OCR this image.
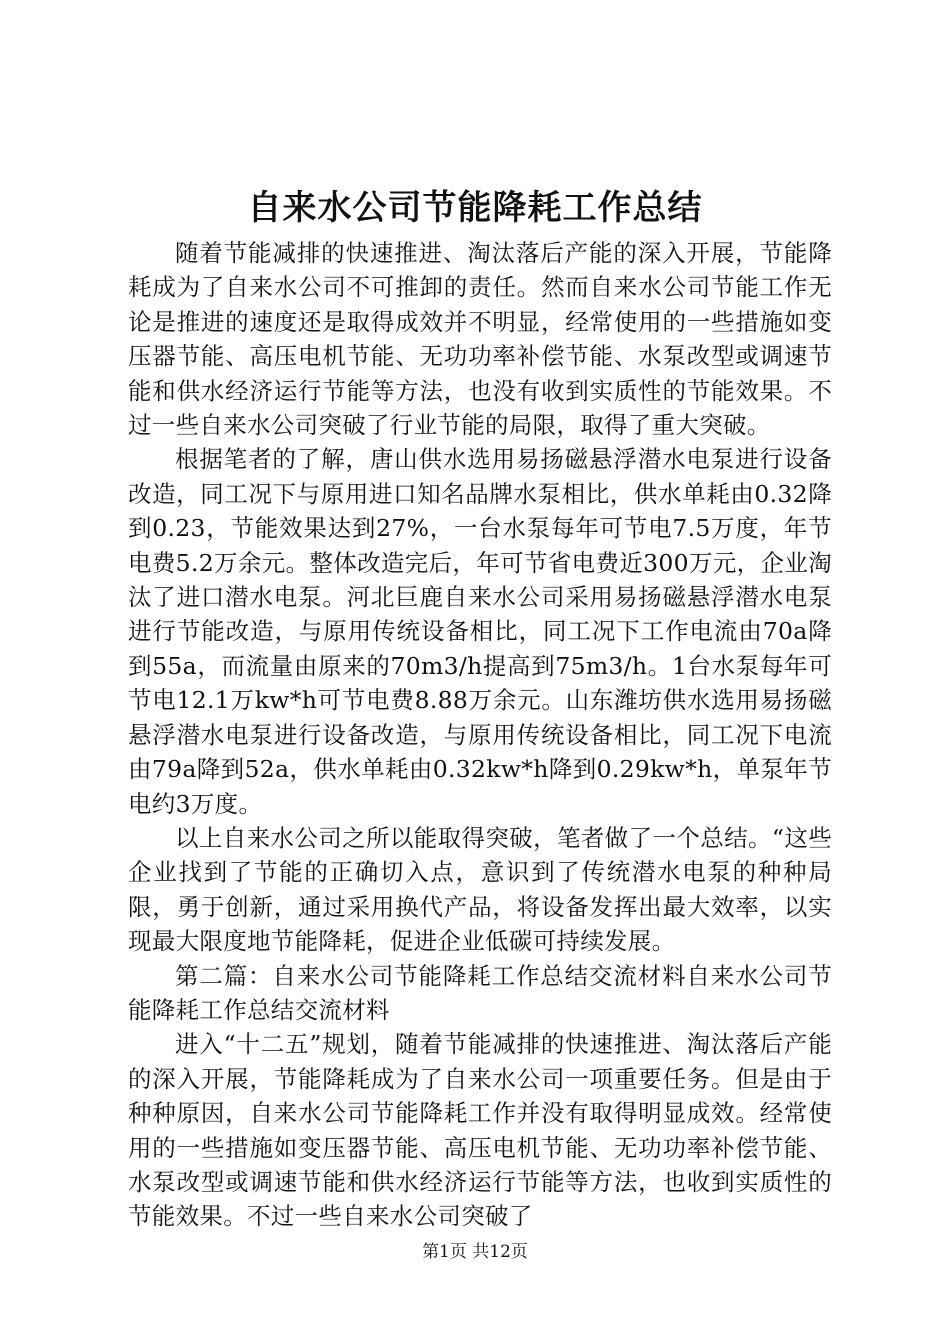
自来水公司节能降耗工作总结

随着节能减排的快速推进、淘汰落后产能的深入开展，节能降耗成为了自来水公司不可推卸的责任。然而自来水公司节能工作无论是推进的速度还是取得成效并不明显，经常使用的一些措施如变压器节能、高压电机节能、无功功率补偿节能、水泵改型或调速节能和供水经济运行节能等方法，也没有收到实质性的节能效果。不过一些自来水公司突破了行业节能的局限，取得了重大突破。

根据笔者的了解，唐山供水选用易扬磁悬浮潜水电泵进行设备改造，同工况下与原用进口知名品牌水泵相比，供水单耗由0.32降到0.23，节能效果达到27%，一台水泵每年可节电7.5万度，年节电费5.2万余元。整体改造完后，年可节省电费近300万元，企业淘汰了进口潜水电泵。河北巨鹿自来水公司采用易扬磁悬浮潜水电泵进行节能改造，与原用传统设备相比，同工况下工作电流由70a降到55a，而流量由原来的70m3/h提高到75m3/h。1台水泵每年可节电12.1万kw*h可节电费8.88万余元。山东潍坊供水选用易扬磁悬浮潜水电泵进行设备改造，与原用传统设备相比，同工况下电流由79a降到52a，供水单耗由0.32kw*h降到0.29kw*h，单泵年节电约3万度。

以上自来水公司之所以能取得突破，笔者做了一个总结。“这些企业找到了节能的正确切入点，意识到了传统潜水电泵的种种局限，勇于创新，通过采用换代产品，将设备发挥出最大效率，以实现最大限度地节能降耗，促进企业低碳可持续发展。

第二篇：自来水公司节能降耗工作总结交流材料自来水公司节能降耗工作总结交流材料

进入“十二五”规划，随着节能减排的快速推进、淘汰落后产能的深入开展，节能降耗成为了自来水公司一项重要任务。但是由于种种原因，自来水公司节能降耗工作并没有取得明显成效。经常使用的一些措施如变压器节能、高压电机节能、无功功率补偿节能、水泵改型或调速节能和供水经济运行节能等方法，也收到实质性的节能效果。不过一些自来水公司突破了

第1页 共12页
